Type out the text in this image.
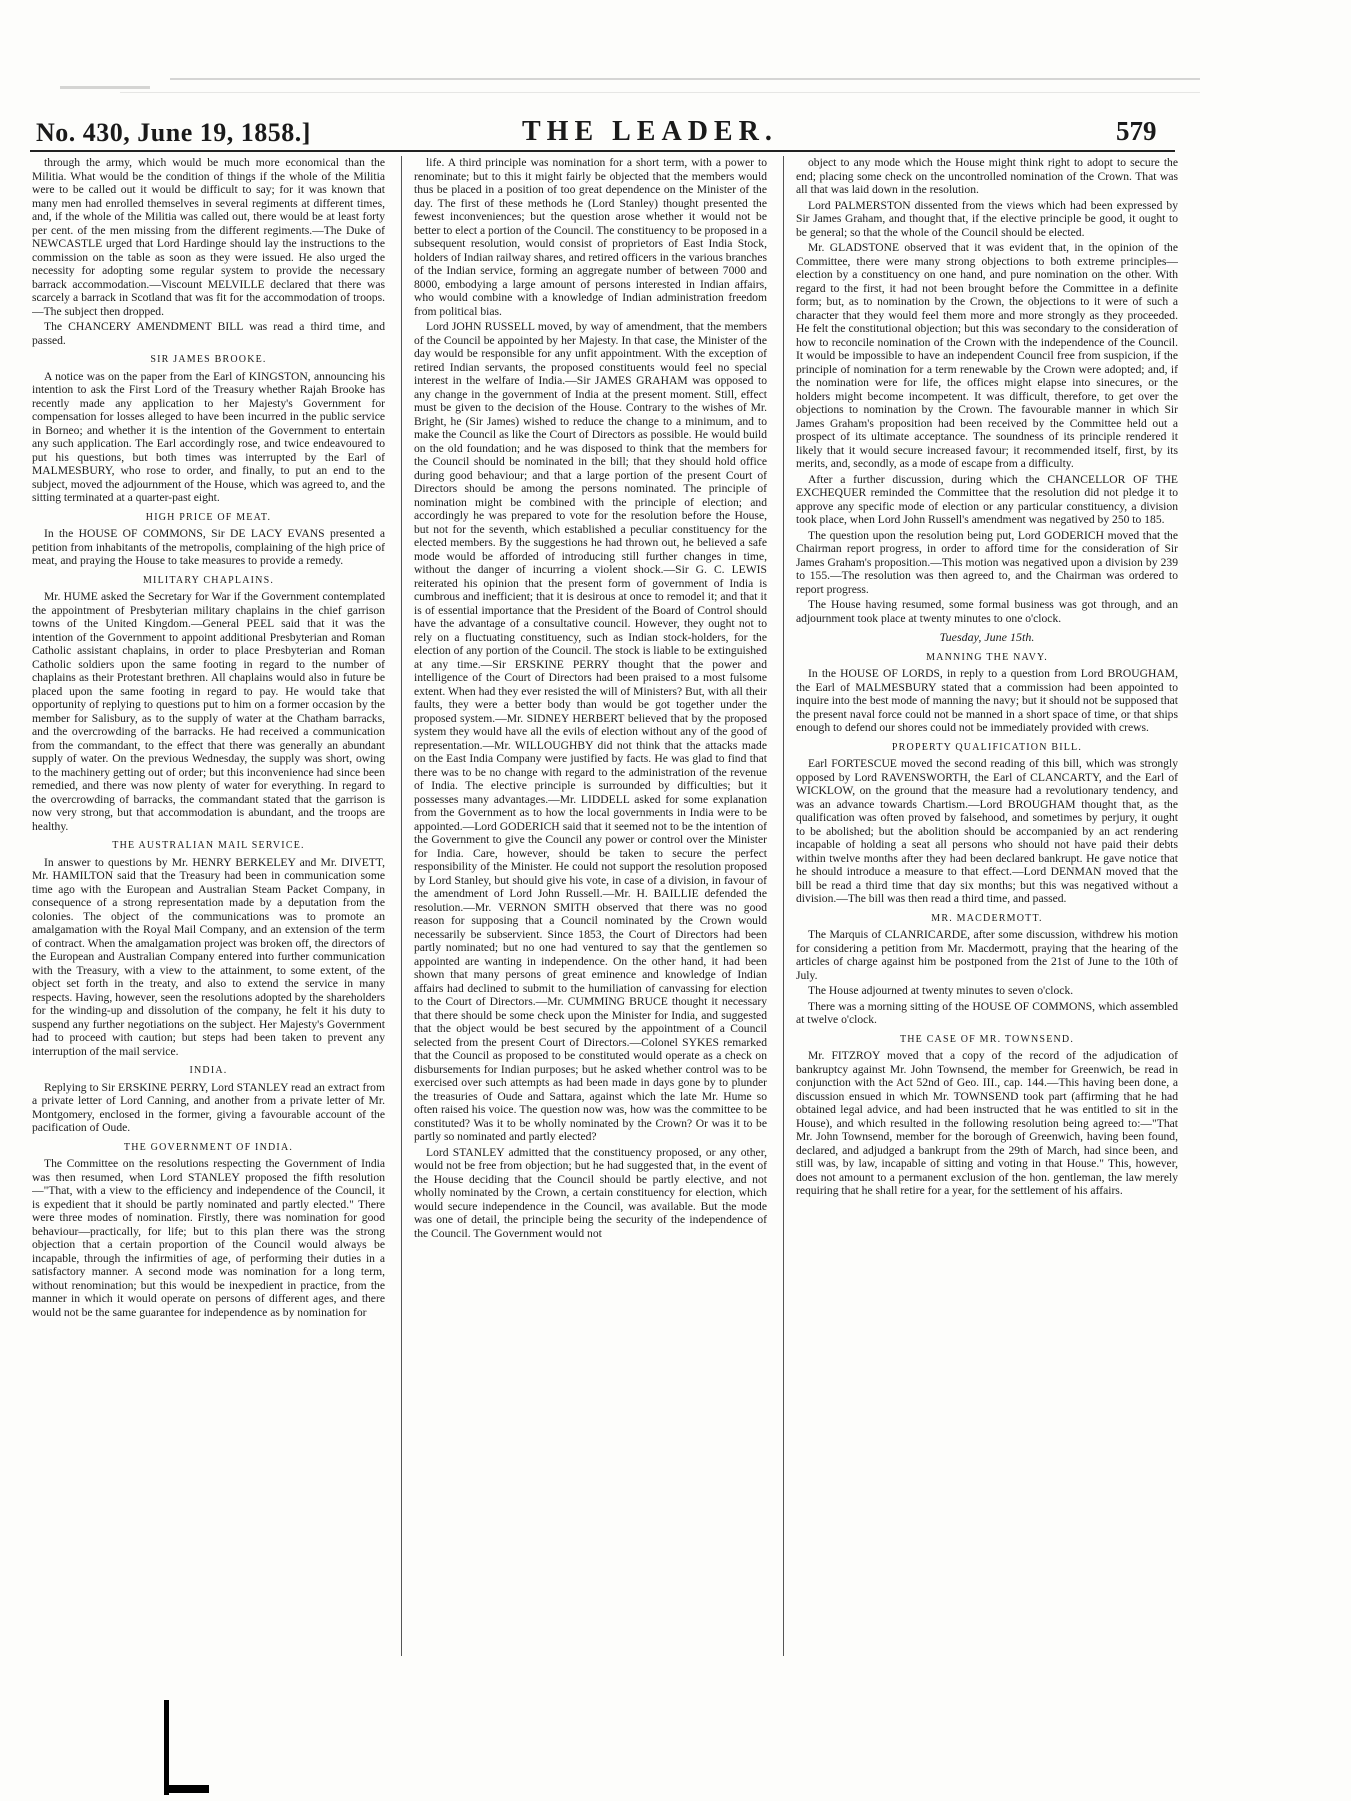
No. 430, June 19, 1858.]	THE LEADER.	579

through the army, which would be much more economical than the Militia. What would be the condition of things if the whole of the Militia were to be called out it would be difficult to say; for it was known that many men had enrolled themselves in several regiments at different times, and, if the whole of the Militia was called out, there would be at least forty per cent. of the men missing from the different regiments.—The Duke of NEWCASTLE urged that Lord Hardinge should lay the instructions to the commission on the table as soon as they were issued. He also urged the necessity for adopting some regular system to provide the necessary barrack accommodation.—Viscount MELVILLE declared that there was scarcely a barrack in Scotland that was fit for the accommodation of troops.—The subject then dropped.

The CHANCERY AMENDMENT BILL was read a third time, and passed.

SIR JAMES BROOKE.

A notice was on the paper from the Earl of KINGSTON, announcing his intention to ask the First Lord of the Treasury whether Rajah Brooke has recently made any application to her Majesty's Government for compensation for losses alleged to have been incurred in the public service in Borneo; and whether it is the intention of the Government to entertain any such application. The Earl accordingly rose, and twice endeavoured to put his questions, but both times was interrupted by the Earl of MALMESBURY, who rose to order, and finally, to put an end to the subject, moved the adjournment of the House, which was agreed to, and the sitting terminated at a quarter-past eight.

HIGH PRICE OF MEAT.

In the HOUSE OF COMMONS, Sir DE LACY EVANS presented a petition from inhabitants of the metropolis, complaining of the high price of meat, and praying the House to take measures to provide a remedy.

MILITARY CHAPLAINS.

Mr. HUME asked the Secretary for War if the Government contemplated the appointment of Presbyterian military chaplains in the chief garrison towns of the United Kingdom.—General PEEL said that it was the intention of the Government to appoint additional Presbyterian and Roman Catholic assistant chaplains, in order to place Presbyterian and Roman Catholic soldiers upon the same footing in regard to the number of chaplains as their Protestant brethren. All chaplains would also in future be placed upon the same footing in regard to pay. He would take that opportunity of replying to questions put to him on a former occasion by the member for Salisbury, as to the supply of water at the Chatham barracks, and the overcrowding of the barracks. He had received a communication from the commandant, to the effect that there was generally an abundant supply of water. On the previous Wednesday, the supply was short, owing to the machinery getting out of order; but this inconvenience had since been remedied, and there was now plenty of water for everything. In regard to the overcrowding of barracks, the commandant stated that the garrison is now very strong, but that accommodation is abundant, and the troops are healthy.

THE AUSTRALIAN MAIL SERVICE.

In answer to questions by Mr. HENRY BERKELEY and Mr. DIVETT, Mr. HAMILTON said that the Treasury had been in communication some time ago with the European and Australian Steam Packet Company, in consequence of a strong representation made by a deputation from the colonies. The object of the communications was to promote an amalgamation with the Royal Mail Company, and an extension of the term of contract. When the amalgamation project was broken off, the directors of the European and Australian Company entered into further communication with the Treasury, with a view to the attainment, to some extent, of the object set forth in the treaty, and also to extend the service in many respects. Having, however, seen the resolutions adopted by the shareholders for the winding-up and dissolution of the company, he felt it his duty to suspend any further negotiations on the subject. Her Majesty's Government had to proceed with caution; but steps had been taken to prevent any interruption of the mail service.

INDIA.

Replying to Sir ERSKINE PERRY, Lord STANLEY read an extract from a private letter of Lord Canning, and another from a private letter of Mr. Montgomery, enclosed in the former, giving a favourable account of the pacification of Oude.

THE GOVERNMENT OF INDIA.

The Committee on the resolutions respecting the Government of India was then resumed, when Lord STANLEY proposed the fifth resolution—"That, with a view to the efficiency and independence of the Council, it is expedient that it should be partly nominated and partly elected." There were three modes of nomination. Firstly, there was nomination for good behaviour—practically, for life; but to this plan there was the strong objection that a certain proportion of the Council would always be incapable, through the infirmities of age, of performing their duties in a satisfactory manner. A second mode was nomination for a long term, without renomination; but this would be inexpedient in practice, from the manner in which it would operate on persons of different ages, and there would not be the same guarantee for independence as by nomination for

life. A third principle was nomination for a short term, with a power to renominate; but to this it might fairly be objected that the members would thus be placed in a position of too great dependence on the Minister of the day. The first of these methods he (Lord Stanley) thought presented the fewest inconveniences; but the question arose whether it would not be better to elect a portion of the Council. The constituency to be proposed in a subsequent resolution, would consist of proprietors of East India Stock, holders of Indian railway shares, and retired officers in the various branches of the Indian service, forming an aggregate number of between 7000 and 8000, embodying a large amount of persons interested in Indian affairs, who would combine with a knowledge of Indian administration freedom from political bias.

Lord JOHN RUSSELL moved, by way of amendment, that the members of the Council be appointed by her Majesty. In that case, the Minister of the day would be responsible for any unfit appointment. With the exception of retired Indian servants, the proposed constituents would feel no special interest in the welfare of India.—Sir JAMES GRAHAM was opposed to any change in the government of India at the present moment. Still, effect must be given to the decision of the House. Contrary to the wishes of Mr. Bright, he (Sir James) wished to reduce the change to a minimum, and to make the Council as like the Court of Directors as possible. He would build on the old foundation; and he was disposed to think that the members for the Council should be nominated in the bill; that they should hold office during good behaviour; and that a large portion of the present Court of Directors should be among the persons nominated. The principle of nomination might be combined with the principle of election; and accordingly he was prepared to vote for the resolution before the House, but not for the seventh, which established a peculiar constituency for the elected members. By the suggestions he had thrown out, he believed a safe mode would be afforded of introducing still further changes in time, without the danger of incurring a violent shock.—Sir G. C. LEWIS reiterated his opinion that the present form of government of India is cumbrous and inefficient; that it is desirous at once to remodel it; and that it is of essential importance that the President of the Board of Control should have the advantage of a consultative council. However, they ought not to rely on a fluctuating constituency, such as Indian stock-holders, for the election of any portion of the Council. The stock is liable to be extinguished at any time.—Sir ERSKINE PERRY thought that the power and intelligence of the Court of Directors had been praised to a most fulsome extent. When had they ever resisted the will of Ministers? But, with all their faults, they were a better body than would be got together under the proposed system.—Mr. SIDNEY HERBERT believed that by the proposed system they would have all the evils of election without any of the good of representation.—Mr. WILLOUGHBY did not think that the attacks made on the East India Company were justified by facts. He was glad to find that there was to be no change with regard to the administration of the revenue of India. The elective principle is surrounded by difficulties; but it possesses many advantages.—Mr. LIDDELL asked for some explanation from the Government as to how the local governments in India were to be appointed.—Lord GODERICH said that it seemed not to be the intention of the Government to give the Council any power or control over the Minister for India. Care, however, should be taken to secure the perfect responsibility of the Minister. He could not support the resolution proposed by Lord Stanley, but should give his vote, in case of a division, in favour of the amendment of Lord John Russell.—Mr. H. BAILLIE defended the resolution.—Mr. VERNON SMITH observed that there was no good reason for supposing that a Council nominated by the Crown would necessarily be subservient. Since 1853, the Court of Directors had been partly nominated; but no one had ventured to say that the gentlemen so appointed are wanting in independence. On the other hand, it had been shown that many persons of great eminence and knowledge of Indian affairs had declined to submit to the humiliation of canvassing for election to the Court of Directors.—Mr. CUMMING BRUCE thought it necessary that there should be some check upon the Minister for India, and suggested that the object would be best secured by the appointment of a Council selected from the present Court of Directors.—Colonel SYKES remarked that the Council as proposed to be constituted would operate as a check on disbursements for Indian purposes; but he asked whether control was to be exercised over such attempts as had been made in days gone by to plunder the treasuries of Oude and Sattara, against which the late Mr. Hume so often raised his voice. The question now was, how was the committee to be constituted? Was it to be wholly nominated by the Crown? Or was it to be partly so nominated and partly elected?

Lord STANLEY admitted that the constituency proposed, or any other, would not be free from objection; but he had suggested that, in the event of the House deciding that the Council should be partly elective, and not wholly nominated by the Crown, a certain constituency for election, which would secure independence in the Council, was available. But the mode was one of detail, the principle being the security of the independence of the Council. The Government would not

object to any mode which the House might think right to adopt to secure the end; placing some check on the uncontrolled nomination of the Crown. That was all that was laid down in the resolution.

Lord PALMERSTON dissented from the views which had been expressed by Sir James Graham, and thought that, if the elective principle be good, it ought to be general; so that the whole of the Council should be elected.

Mr. GLADSTONE observed that it was evident that, in the opinion of the Committee, there were many strong objections to both extreme principles—election by a constituency on one hand, and pure nomination on the other. With regard to the first, it had not been brought before the Committee in a definite form; but, as to nomination by the Crown, the objections to it were of such a character that they would feel them more and more strongly as they proceeded. He felt the constitutional objection; but this was secondary to the consideration of how to reconcile nomination of the Crown with the independence of the Council. It would be impossible to have an independent Council free from suspicion, if the principle of nomination for a term renewable by the Crown were adopted; and, if the nomination were for life, the offices might elapse into sinecures, or the holders might become incompetent. It was difficult, therefore, to get over the objections to nomination by the Crown. The favourable manner in which Sir James Graham's proposition had been received by the Committee held out a prospect of its ultimate acceptance. The soundness of its principle rendered it likely that it would secure increased favour; it recommended itself, first, by its merits, and, secondly, as a mode of escape from a difficulty.

After a further discussion, during which the CHANCELLOR OF THE EXCHEQUER reminded the Committee that the resolution did not pledge it to approve any specific mode of election or any particular constituency, a division took place, when Lord John Russell's amendment was negatived by 250 to 185.

The question upon the resolution being put, Lord GODERICH moved that the Chairman report progress, in order to afford time for the consideration of Sir James Graham's proposition.—This motion was negatived upon a division by 239 to 155.—The resolution was then agreed to, and the Chairman was ordered to report progress.

The House having resumed, some formal business was got through, and an adjournment took place at twenty minutes to one o'clock.

Tuesday, June 15th.
MANNING THE NAVY.

In the HOUSE OF LORDS, in reply to a question from Lord BROUGHAM, the Earl of MALMESBURY stated that a commission had been appointed to inquire into the best mode of manning the navy; but it should not be supposed that the present naval force could not be manned in a short space of time, or that ships enough to defend our shores could not be immediately provided with crews.

PROPERTY QUALIFICATION BILL.

Earl FORTESCUE moved the second reading of this bill, which was strongly opposed by Lord RAVENSWORTH, the Earl of CLANCARTY, and the Earl of WICKLOW, on the ground that the measure had a revolutionary tendency, and was an advance towards Chartism.—Lord BROUGHAM thought that, as the qualification was often proved by falsehood, and sometimes by perjury, it ought to be abolished; but the abolition should be accompanied by an act rendering incapable of holding a seat all persons who should not have paid their debts within twelve months after they had been declared bankrupt. He gave notice that he should introduce a measure to that effect.—Lord DENMAN moved that the bill be read a third time that day six months; but this was negatived without a division.—The bill was then read a third time, and passed.

MR. MACDERMOTT.

The Marquis of CLANRICARDE, after some discussion, withdrew his motion for considering a petition from Mr. Macdermott, praying that the hearing of the articles of charge against him be postponed from the 21st of June to the 10th of July.

The House adjourned at twenty minutes to seven o'clock.

There was a morning sitting of the HOUSE OF COMMONS, which assembled at twelve o'clock.

THE CASE OF MR. TOWNSEND.

Mr. FITZROY moved that a copy of the record of the adjudication of bankruptcy against Mr. John Townsend, the member for Greenwich, be read in conjunction with the Act 52nd of Geo. III., cap. 144.—This having been done, a discussion ensued in which Mr. TOWNSEND took part (affirming that he had obtained legal advice, and had been instructed that he was entitled to sit in the House), and which resulted in the following resolution being agreed to:—"That Mr. John Townsend, member for the borough of Greenwich, having been found, declared, and adjudged a bankrupt from the 29th of March, had since been, and still was, by law, incapable of sitting and voting in that House." This, however, does not amount to a permanent exclusion of the hon. gentleman, the law merely requiring that he shall retire for a year, for the settlement of his affairs.
